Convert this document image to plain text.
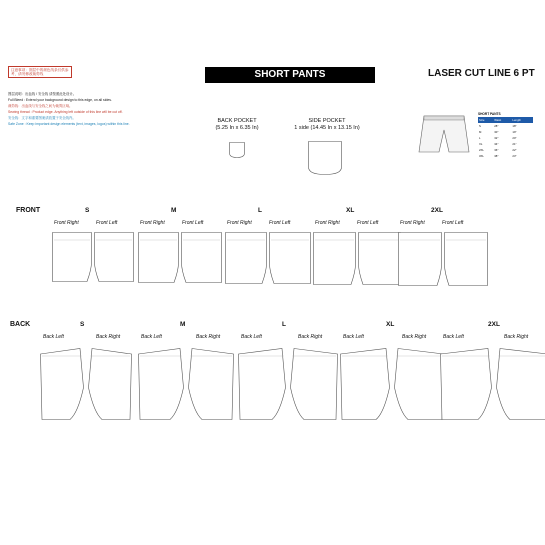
注意事项：图层中的颜色线条仅供参考，请勿修改裁剪线
图层说明：出血线 / 安全线 请按照此处设计。
Full Bleed : Extend your background design to this edge, on all sides.
裁剪线：出血线与安全线之间为裁剪区域。
Sewing thread : Product edge. Anything left outside of this line will be cut off.
安全线：文字和重要图案请放置于安全线内。
Safe Zone : Keep important design elements (text, images, logos) within this line.
SHORT PANTS	LASER CUT LINE 6 PT
BACK POCKET
(5.25 In x 6.35 In)
SIDE POCKET
1 side (14.45 In x 13.15 In)
SHORT PANTS
Size	Waist	Length
S	28"	18"
M	30"	19"
L	32"	20"
XL	34"	21"
2XL	36"	22"
3XL	38"	23"
FRONT
BACK
S
Front Right	Front Left
M
Front Right	Front Left
L
Front Right	Front Left
XL
Front Right	Front Left
2XL
Front Right	Front Left
S
Back Left	Back Right
M
Back Left	Back Right
L
Back Left	Back Right
XL
Back Left	Back Right
2XL
Back Left	Back Right
